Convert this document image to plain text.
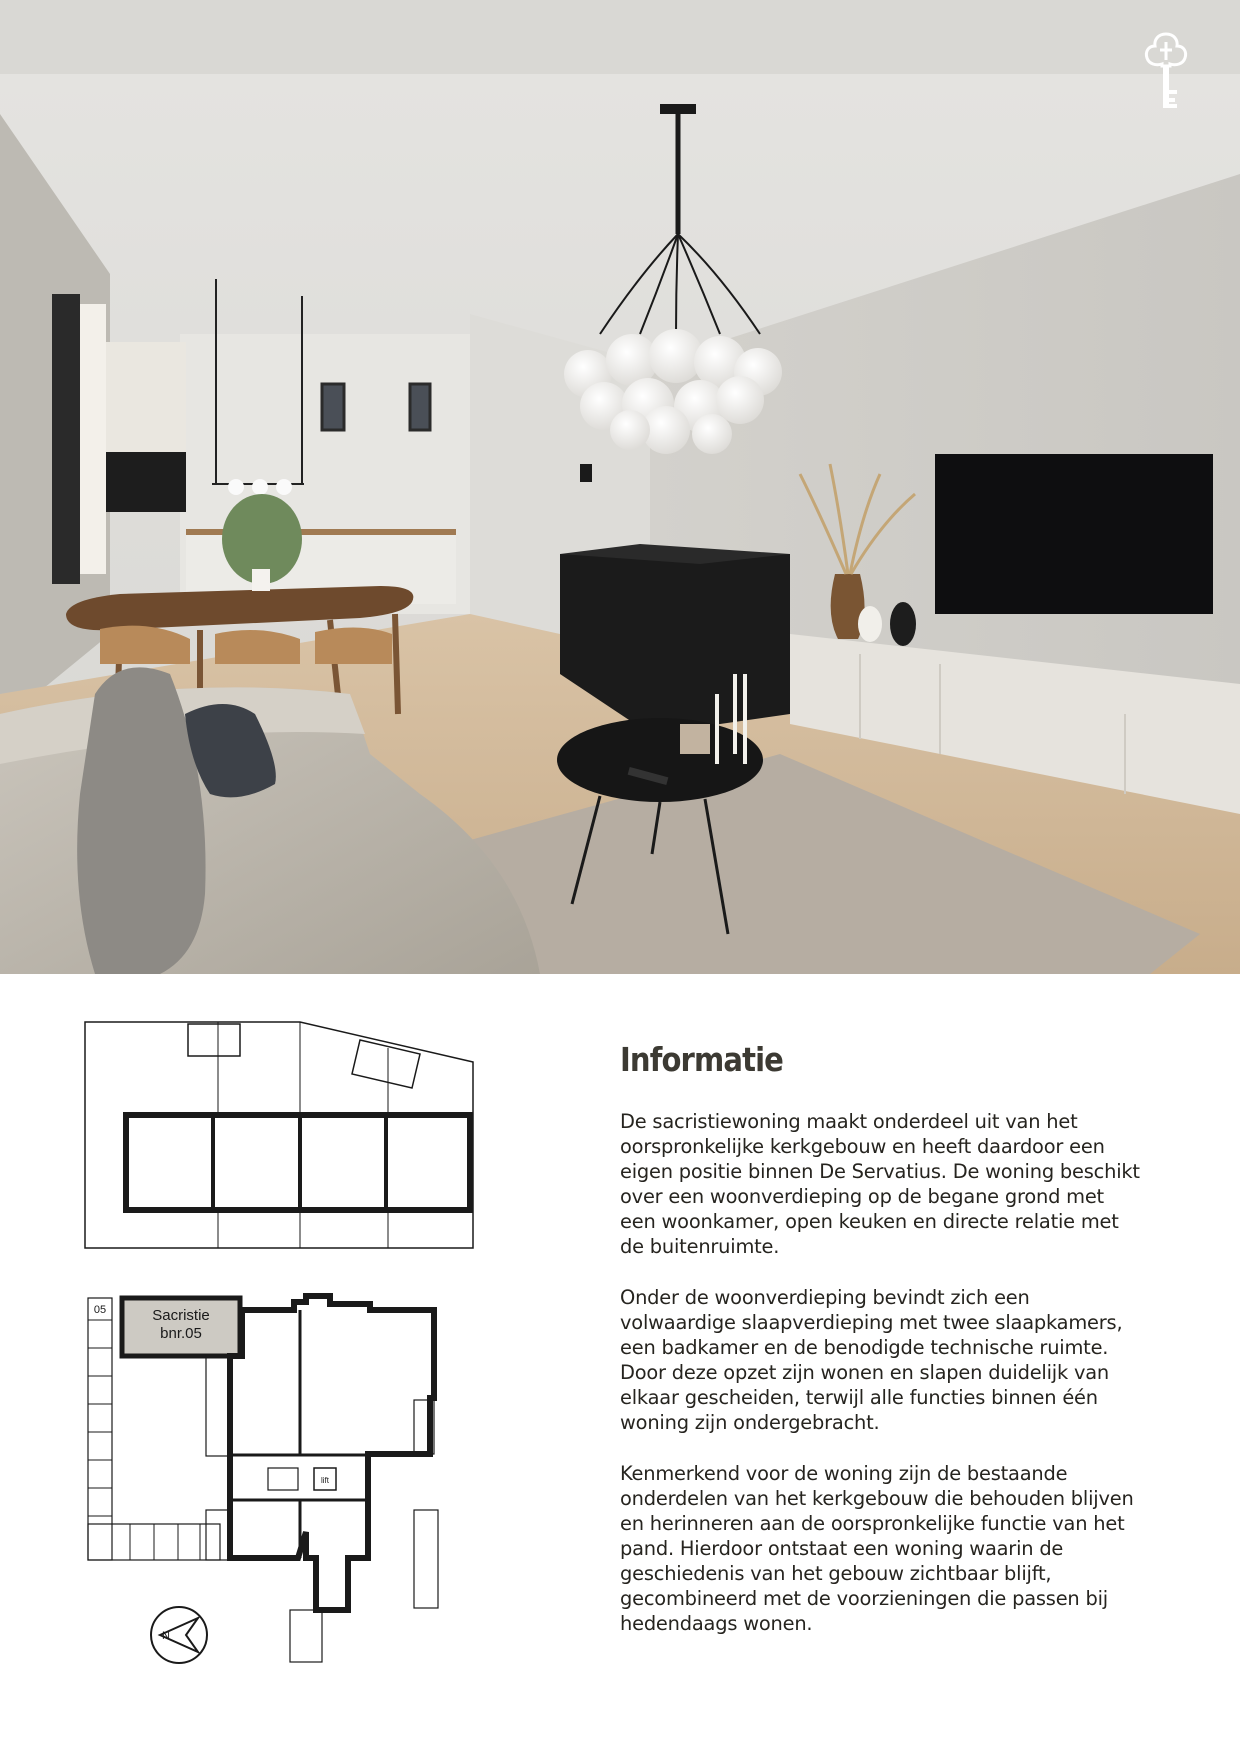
05	Sacristie
bnr.05
lift
N
Informatie

De sacristiewoning maakt onderdeel uit van het oorspronkelijke kerkgebouw en heeft daardoor een eigen positie binnen De Servatius. De woning beschikt over een woonverdieping op de begane grond met een woonkamer, open keuken en directe relatie met de buitenruimte.

Onder de woonverdieping bevindt zich een volwaardige slaapverdieping met twee slaapkamers, een badkamer en de benodigde technische ruimte. Door deze opzet zijn wonen en slapen duidelijk van elkaar gescheiden, terwijl alle functies binnen één woning zijn ondergebracht.

Kenmerkend voor de woning zijn de bestaande onderdelen van het kerkgebouw die behouden blijven en herinneren aan de oorspronkelijke functie van het pand. Hierdoor ontstaat een woning waarin de geschiedenis van het gebouw zichtbaar blijft, gecombineerd met de voorzieningen die passen bij hedendaags wonen.
